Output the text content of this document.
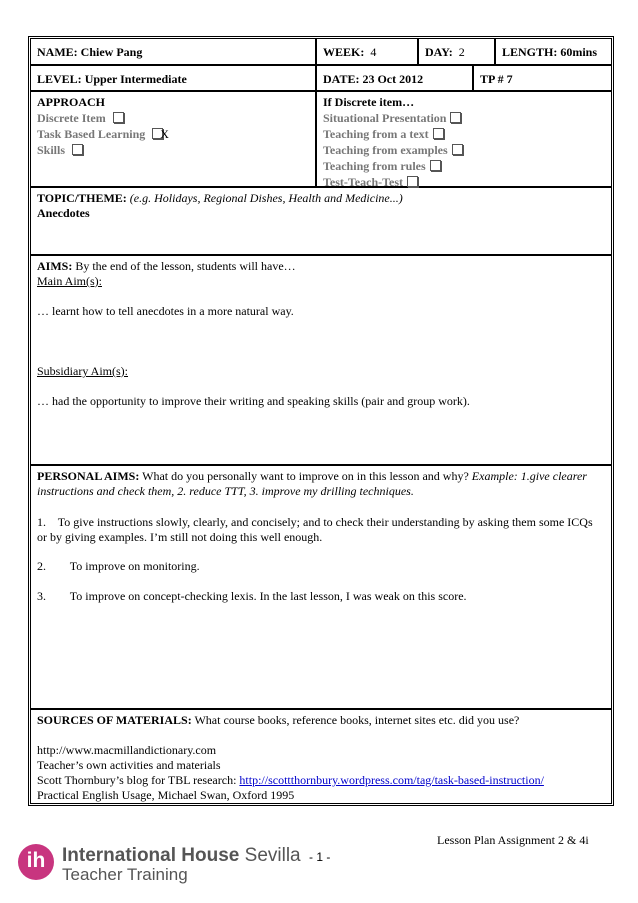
NAME: Chiew Pang	WEEK: 4	DAY: 2	LENGTH: 60mins
LEVEL: Upper Intermediate	DATE: 23 Oct 2012	TP # 7
APPROACH
Discrete Item
Task Based Learning X
Skills
If Discrete item…
Situational Presentation
Teaching from a text
Teaching from examples
Teaching from rules
Test-Teach-Test
TOPIC/THEME: (e.g. Holidays, Regional Dishes, Health and Medicine...)
Anecdotes
AIMS: By the end of the lesson, students will have…
Main Aim(s):
… learnt how to tell anecdotes in a more natural way.
Subsidiary Aim(s):
… had the opportunity to improve their writing and speaking skills (pair and group work).
PERSONAL AIMS: What do you personally want to improve on in this lesson and why? Example: 1.give clearer instructions and check them, 2. reduce TTT, 3. improve my drilling techniques.
1. To give instructions slowly, clearly, and concisely; and to check their understanding by asking them some ICQs or by giving examples. I’m still not doing this well enough.
2. To improve on monitoring.
3. To improve on concept-checking lexis. In the last lesson, I was weak on this score.
SOURCES OF MATERIALS: What course books, reference books, internet sites etc. did you use?
http://www.macmillandictionary.com
Teacher’s own activities and materials
Scott Thornbury’s blog for TBL research: http://scottthornbury.wordpress.com/tag/task-based-instruction/
Practical English Usage, Michael Swan, Oxford 1995
Lesson Plan Assignment 2 & 4i
ih International House Sevilla
Teacher Training
- 1 -
